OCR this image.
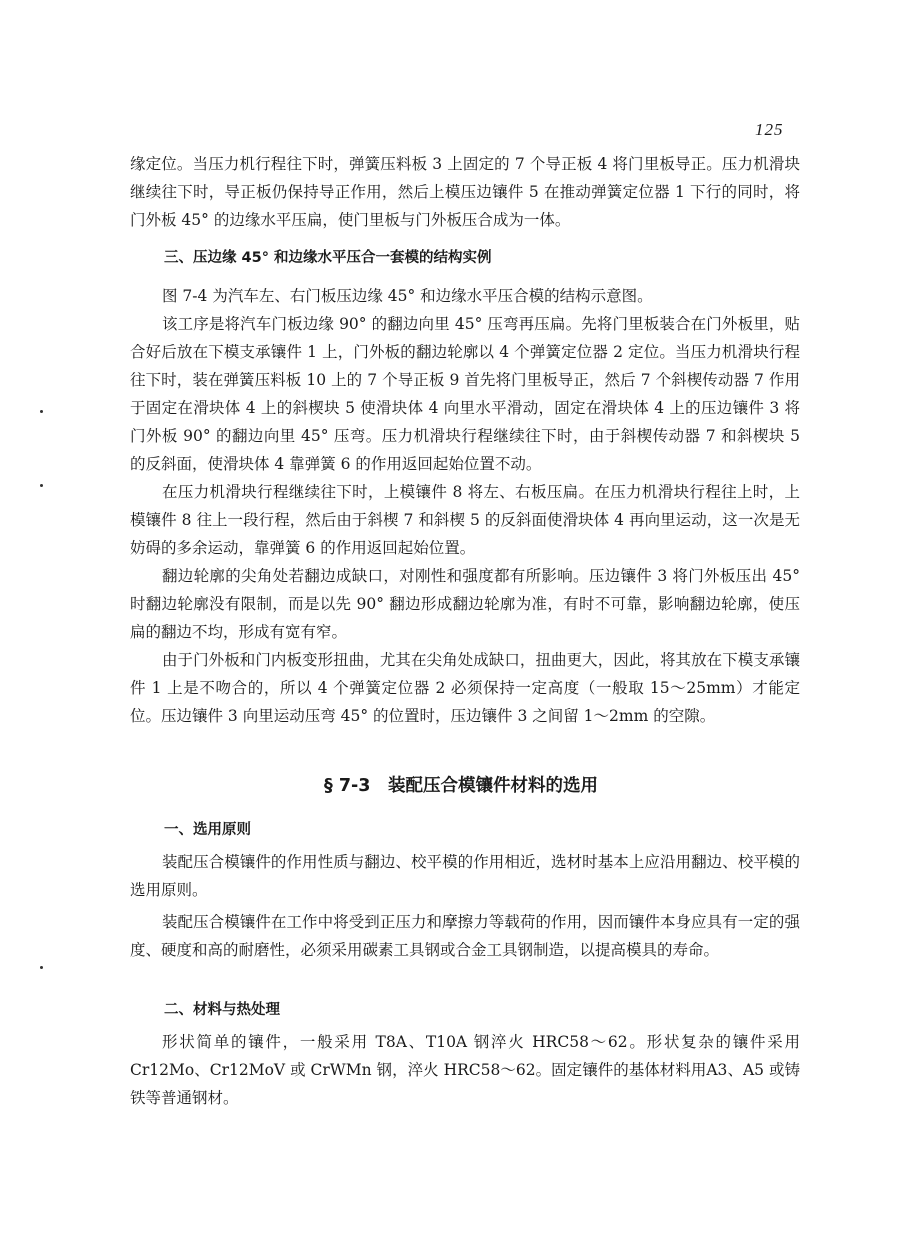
125

缘定位。当压力机行程往下时，弹簧压料板 3 上固定的 7 个导正板 4 将门里板导正。压力机滑块继续往下时，导正板仍保持导正作用，然后上模压边镶件 5 在推动弹簧定位器 1 下行的同时，将门外板 45° 的边缘水平压扁，使门里板与门外板压合成为一体。

三、压边缘 45° 和边缘水平压合一套模的结构实例

图 7-4 为汽车左、右门板压边缘 45° 和边缘水平压合模的结构示意图。

该工序是将汽车门板边缘 90° 的翻边向里 45° 压弯再压扁。先将门里板装合在门外板里，贴合好后放在下模支承镶件 1 上，门外板的翻边轮廓以 4 个弹簧定位器 2 定位。当压力机滑块行程往下时，装在弹簧压料板 10 上的 7 个导正板 9 首先将门里板导正，然后 7 个斜楔传动器 7 作用于固定在滑块体 4 上的斜楔块 5 使滑块体 4 向里水平滑动，固定在滑块体 4 上的压边镶件 3 将门外板 90° 的翻边向里 45° 压弯。压力机滑块行程继续往下时，由于斜楔传动器 7 和斜楔块 5 的反斜面，使滑块体 4 靠弹簧 6 的作用返回起始位置不动。

在压力机滑块行程继续往下时，上模镶件 8 将左、右板压扁。在压力机滑块行程往上时，上模镶件 8 往上一段行程，然后由于斜楔 7 和斜楔 5 的反斜面使滑块体 4 再向里运动，这一次是无妨碍的多余运动，靠弹簧 6 的作用返回起始位置。

翻边轮廓的尖角处若翻边成缺口，对刚性和强度都有所影响。压边镶件 3 将门外板压出 45° 时翻边轮廓没有限制，而是以先 90° 翻边形成翻边轮廓为准，有时不可靠，影响翻边轮廓，使压扁的翻边不均，形成有宽有窄。

由于门外板和门内板变形扭曲，尤其在尖角处成缺口，扭曲更大，因此，将其放在下模支承镶件 1 上是不吻合的，所以 4 个弹簧定位器 2 必须保持一定高度（一般取 15～25mm）才能定位。压边镶件 3 向里运动压弯 45° 的位置时，压边镶件 3 之间留 1～2mm 的空隙。

§ 7-3　装配压合模镶件材料的选用

一、选用原则

装配压合模镶件的作用性质与翻边、校平模的作用相近，选材时基本上应沿用翻边、校平模的选用原则。

装配压合模镶件在工作中将受到正压力和摩擦力等载荷的作用，因而镶件本身应具有一定的强度、硬度和高的耐磨性，必须采用碳素工具钢或合金工具钢制造，以提高模具的寿命。

二、材料与热处理

形状简单的镶件，一般采用 T8A、T10A 钢淬火 HRC58～62。形状复杂的镶件采用 Cr12Mo、Cr12MoV 或 CrWMn 钢，淬火 HRC58～62。固定镶件的基体材料用A3、A5 或铸铁等普通钢材。
